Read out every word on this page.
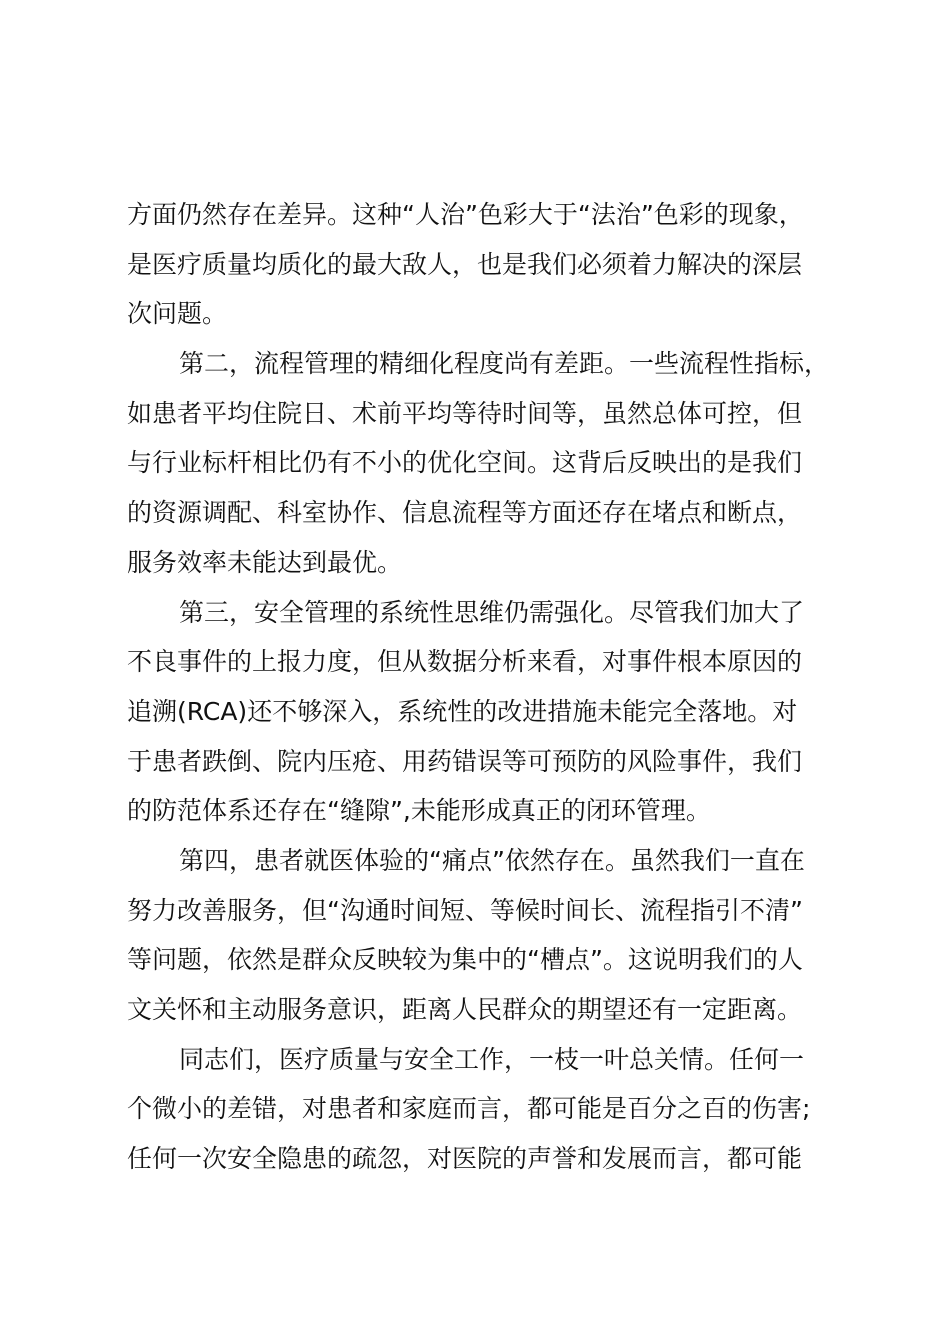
方面仍然存在差异。这种“人治”色彩大于“法治”色彩的现象，
是医疗质量均质化的最大敌人，也是我们必须着力解决的深层
次问题。
第二，流程管理的精细化程度尚有差距。一些流程性指标，
如患者平均住院日、术前平均等待时间等，虽然总体可控，但
与行业标杆相比仍有不小的优化空间。这背后反映出的是我们
的资源调配、科室协作、信息流程等方面还存在堵点和断点，
服务效率未能达到最优。
第三，安全管理的系统性思维仍需强化。尽管我们加大了
不良事件的上报力度，但从数据分析来看，对事件根本原因的
追溯(RCA)还不够深入，系统性的改进措施未能完全落地。对
于患者跌倒、院内压疮、用药错误等可预防的风险事件，我们
的防范体系还存在“缝隙”,未能形成真正的闭环管理。
第四，患者就医体验的“痛点”依然存在。虽然我们一直在
努力改善服务，但“沟通时间短、等候时间长、流程指引不清”
等问题，依然是群众反映较为集中的“槽点”。这说明我们的人
文关怀和主动服务意识，距离人民群众的期望还有一定距离。
同志们，医疗质量与安全工作，一枝一叶总关情。任何一
个微小的差错，对患者和家庭而言，都可能是百分之百的伤害;
任何一次安全隐患的疏忽，对医院的声誉和发展而言，都可能
